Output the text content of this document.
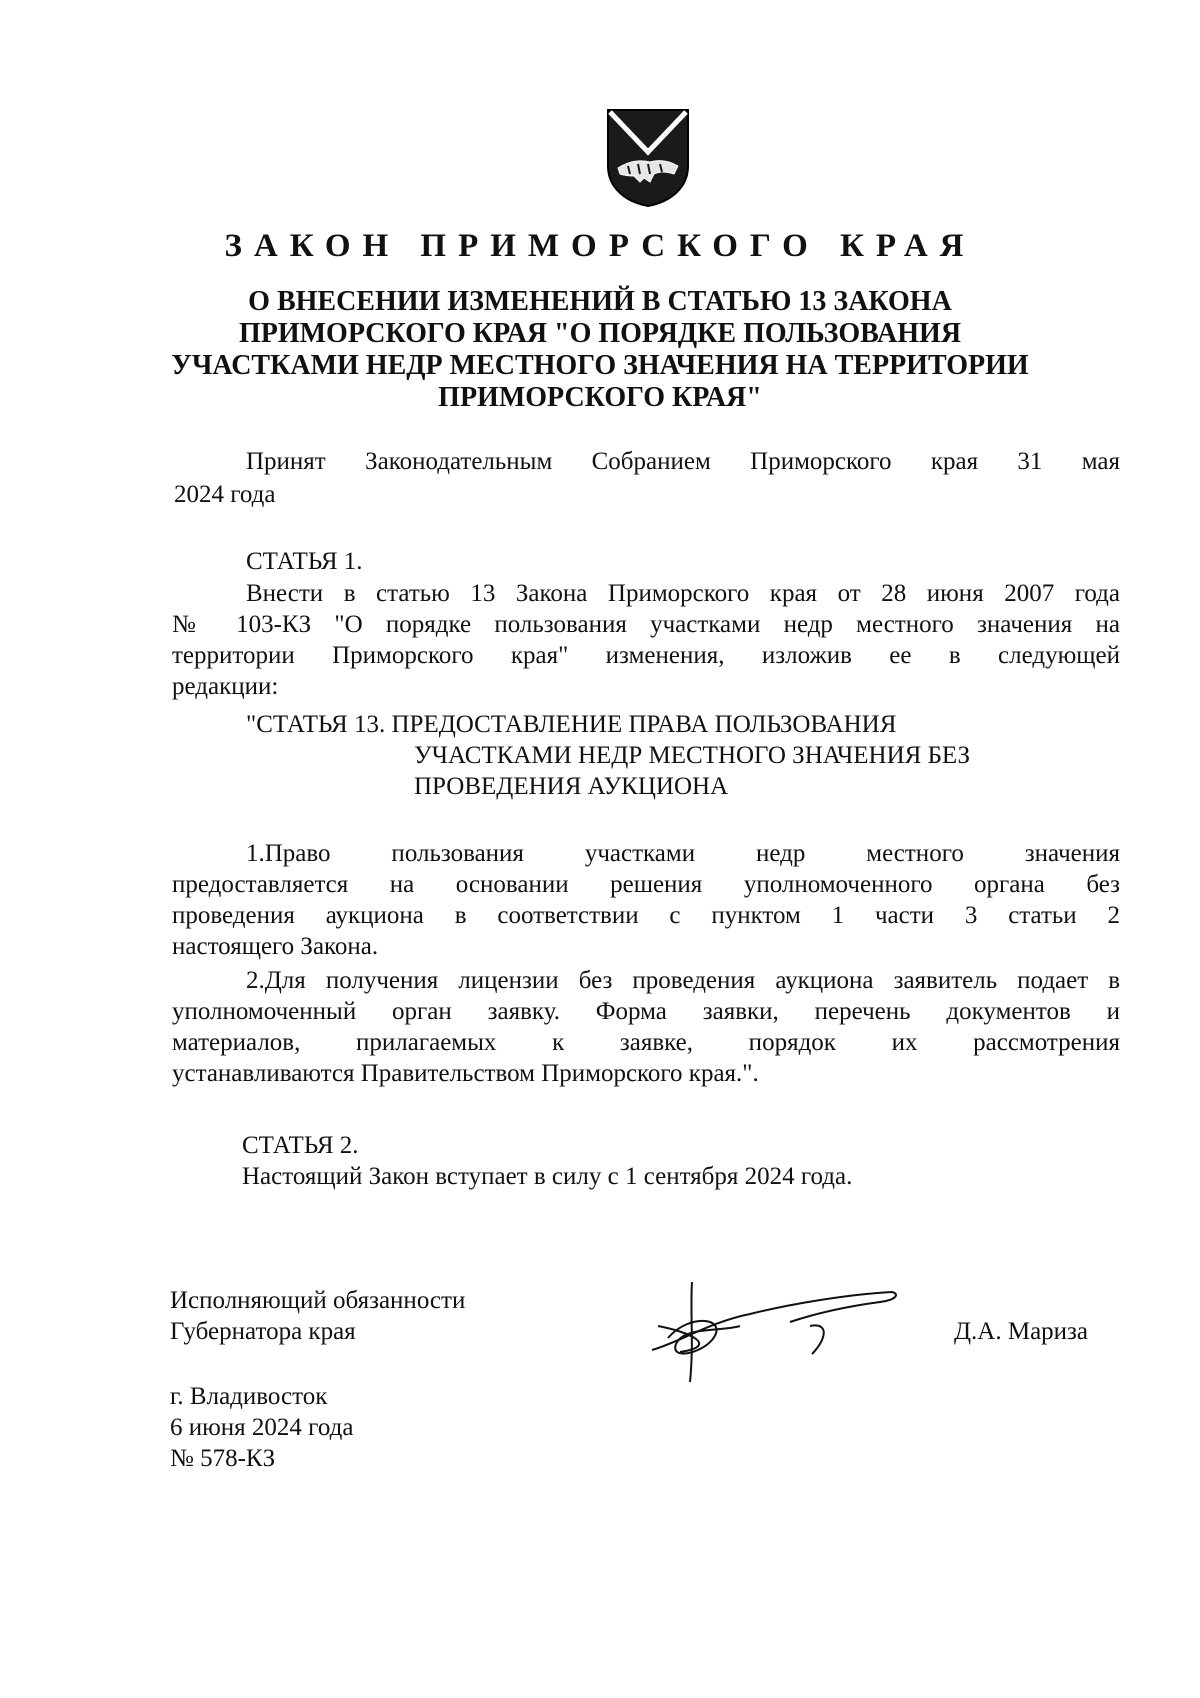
ЗАКОН ПРИМОРСКОГО КРАЯ
О ВНЕСЕНИИ ИЗМЕНЕНИЙ В СТАТЬЮ 13 ЗАКОНА
ПРИМОРСКОГО КРАЯ "О ПОРЯДКЕ ПОЛЬЗОВАНИЯ
УЧАСТКАМИ НЕДР МЕСТНОГО ЗНАЧЕНИЯ НА ТЕРРИТОРИИ
ПРИМОРСКОГО КРАЯ"
Принят Законодательным Собранием Приморского края 31 мая
2024 года
СТАТЬЯ 1.
Внести в статью 13 Закона Приморского края от 28 июня 2007 года
№ 103-КЗ "О порядке пользования участками недр местного значения на
территории Приморского края" изменения, изложив ее в следующей
редакции:
"СТАТЬЯ 13. ПРЕДОСТАВЛЕНИЕ ПРАВА ПОЛЬЗОВАНИЯ
УЧАСТКАМИ НЕДР МЕСТНОГО ЗНАЧЕНИЯ БЕЗ
ПРОВЕДЕНИЯ АУКЦИОНА
1.Право пользования участками недр местного значения
предоставляется на основании решения уполномоченного органа без
проведения аукциона в соответствии с пунктом 1 части 3 статьи 2
настоящего Закона.
2.Для получения лицензии без проведения аукциона заявитель подает в
уполномоченный орган заявку. Форма заявки, перечень документов и
материалов, прилагаемых к заявке, порядок их рассмотрения
устанавливаются Правительством Приморского края.".
СТАТЬЯ 2.
Настоящий Закон вступает в силу с 1 сентября 2024 года.
Исполняющий обязанности
Губернатора края	Д.А. Мариза
г. Владивосток
6 июня 2024 года
№ 578-КЗ
